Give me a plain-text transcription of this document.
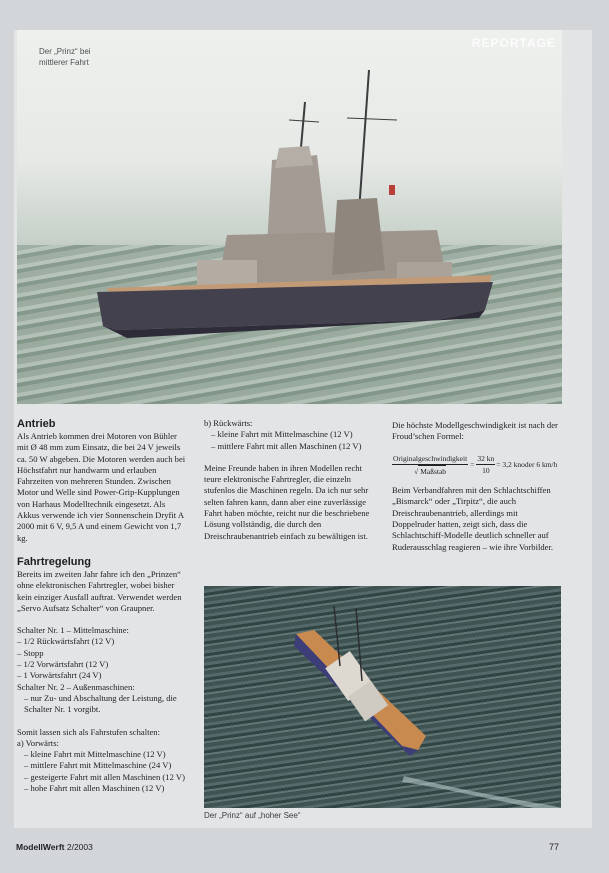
Der „Prinz“ bei
mittlerer Fahrt
REPORTAGE
Antrieb

Als Antrieb kommen drei Motoren von Bühler mit Ø 48 mm zum Einsatz, die bei 24 V jeweils ca. 50 W abgeben. Die Motoren werden auch bei Höchstfahrt nur handwarm und erlauben Fahrzeiten von mehreren Stunden. Zwischen Motor und Welle sind Power-Grip-Kupplungen von Harhaus Modelltechnik eingesetzt. Als Akkus verwende ich vier Sonnenschein Dryfit A 2000 mit 6 V, 9,5 A und einem Gewicht von 1,7 kg.

Fahrtregelung

Bereits im zweiten Jahr fahre ich den „Prinzen“ ohne elektronischen Fahrtregler, wobei bisher kein einziger Ausfall auftrat. Verwendet werden „Servo Aufsatz Schalter“ von Graupner.

Schalter Nr. 1 – Mittelmaschine:

– 1/2 Rückwärtsfahrt (12 V)

– Stopp

– 1/2 Vorwärtsfahrt (12 V)

– 1 Vorwärtsfahrt (24 V)

Schalter Nr. 2 – Außenmaschinen:

– nur Zu- und Abschaltung der Leistung, die Schalter Nr. 1 vorgibt.

Somit lassen sich als Fahrstufen schalten:

a) Vorwärts:

– kleine Fahrt mit Mittelmaschine (12 V)

– mittlere Fahrt mit Mittelmaschine (24 V)

– gesteigerte Fahrt mit allen Maschinen (12 V)

– hohe Fahrt mit allen Maschinen (12 V)

b) Rückwärts:

– kleine Fahrt mit Mittelmaschine (12 V)

– mittlere Fahrt mit allen Maschinen (12 V)

Meine Freunde haben in ihren Modellen recht teure elektronische Fahrtregler, die einzeln stufenlos die Maschinen regeln. Da ich nur sehr selten fahren kann, dann aber eine zuverlässige Fahrt haben möchte, reicht nur die beschriebene Lösung vollständig, die durch den Dreischraubenantrieb einfach zu bewältigen ist.

Die höchste Modellgeschwindigkeit ist nach der Froud’schen Formel:

$\frac{\text{Originalgeschwindigkeit}}{\text{√ Maßstab}} = \frac{32 kn}{10} = 3,2$ knoder 6 km/h

Beim Verbandfahren mit den Schlachtschiffen „Bismarck“ oder „Tirpitz“, die auch Dreischraubenantrieb, allerdings mit Doppelruder hatten, zeigt sich, dass die Schlachtschiff-Modelle deutlich schneller auf Ruderausschlag reagieren – wie ihre Vorbilder.

Der „Prinz“ auf „hoher See“
ModellWerft 2/2003	77
